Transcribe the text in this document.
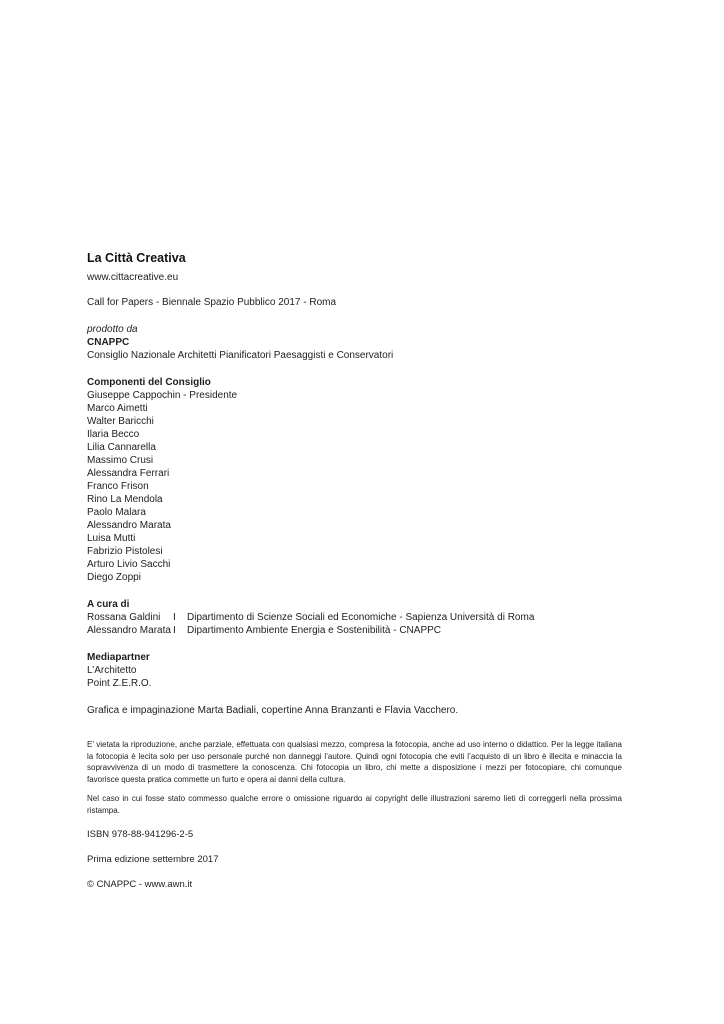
La Città Creativa

www.cittacreative.eu

Call for Papers - Biennale Spazio Pubblico 2017 - Roma

prodotto da

CNAPPC

Consiglio Nazionale Architetti Pianificatori Paesaggisti e Conservatori

Componenti del Consiglio

Giuseppe Cappochin - Presidente

Marco Aimetti

Walter Baricchi

Ilaria Becco

Lilia Cannarella

Massimo Crusi

Alessandra Ferrari

Franco Frison

Rino La Mendola

Paolo Malara

Alessandro Marata

Luisa Mutti

Fabrizio Pistolesi

Arturo Livio Sacchi

Diego Zoppi

A cura di

Rossana Galdini	I	Dipartimento di Scienze Sociali ed Economiche - Sapienza Università di Roma
Alessandro Marata I	Dipartimento Ambiente Energia e Sostenibilità - CNAPPC

Mediapartner

L’Architetto

Point Z.E.R.O.

Grafica e impaginazione Marta Badiali, copertine Anna Branzanti e Flavia Vacchero.

E’ vietata la riproduzione, anche parziale, effettuata con qualsiasi mezzo, compresa la fotocopia, anche ad uso interno o didattico. Per la legge italiana la fotocopia è lecita solo per uso personale purché non danneggi l’autore. Quindi ogni fotocopia che eviti l’acquisto di un libro è illecita e minaccia la sopravvivenza di un modo di trasmettere la conoscenza. Chi fotocopia un libro, chi mette a disposizione i mezzi per fotocopiare, chi comunque favorisce questa pratica commette un furto e opera ai danni della cultura.

Nel caso in cui fosse stato commesso qualche errore o omissione riguardo ai copyright delle illustrazioni saremo lieti di correggerli nella prossima ristampa.

ISBN 978-88-941296-2-5

Prima edizione settembre 2017

© CNAPPC - www.awn.it
